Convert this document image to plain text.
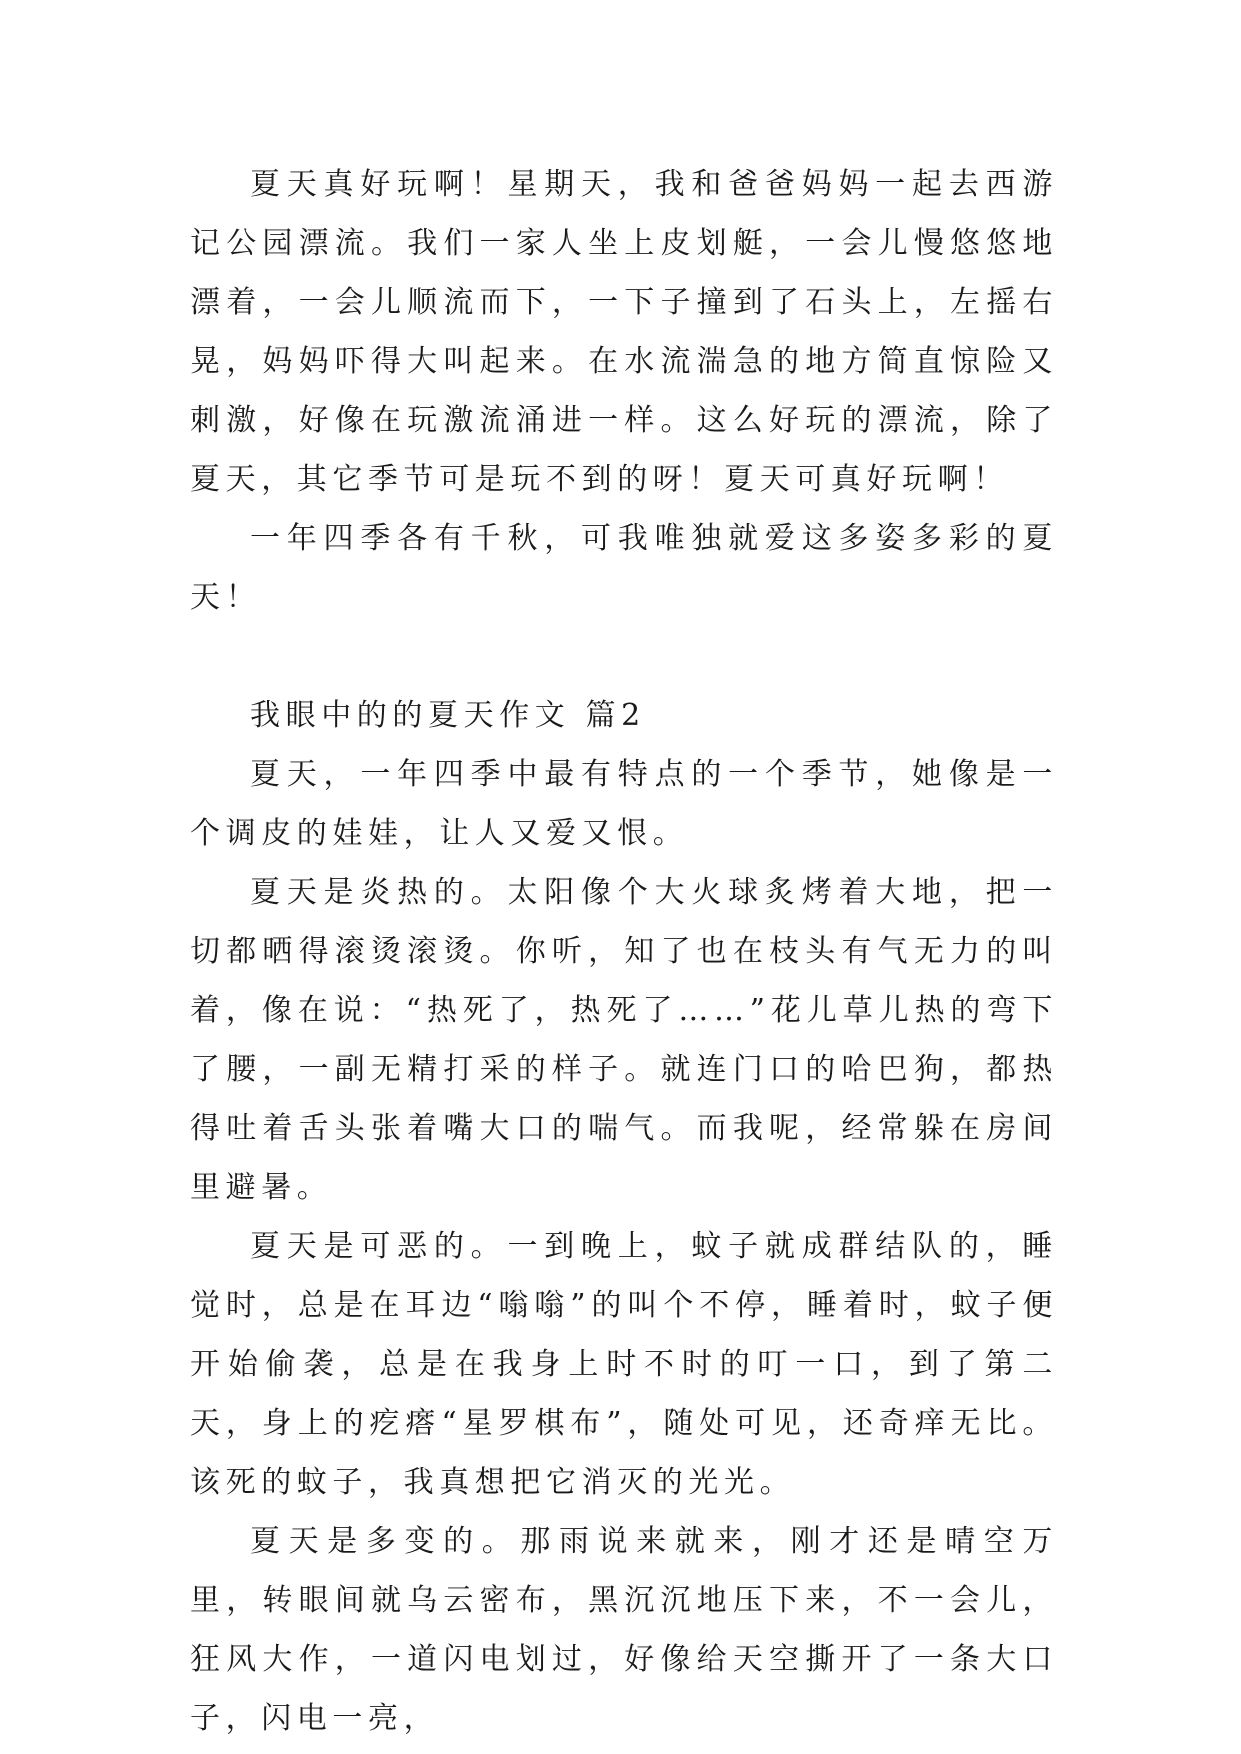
夏天真好玩啊！星期天，我和爸爸妈妈一起去西游记公园漂流。我们一家人坐上皮划艇，一会儿慢悠悠地漂着，一会儿顺流而下，一下子撞到了石头上，左摇右晃，妈妈吓得大叫起来。在水流湍急的地方简直惊险又刺激，好像在玩激流涌进一样。这么好玩的漂流，除了夏天，其它季节可是玩不到的呀！夏天可真好玩啊！

一年四季各有千秋，可我唯独就爱这多姿多彩的夏天！

我眼中的的夏天作文 篇2

夏天，一年四季中最有特点的一个季节，她像是一个调皮的娃娃，让人又爱又恨。

夏天是炎热的。太阳像个大火球炙烤着大地，把一切都晒得滚烫滚烫。你听，知了也在枝头有气无力的叫着，像在说：“热死了，热死了……”花儿草儿热的弯下了腰，一副无精打采的样子。就连门口的哈巴狗，都热得吐着舌头张着嘴大口的喘气。而我呢，经常躲在房间里避暑。

夏天是可恶的。一到晚上，蚊子就成群结队的，睡觉时，总是在耳边“嗡嗡”的叫个不停，睡着时，蚊子便开始偷袭，总是在我身上时不时的叮一口，到了第二天，身上的疙瘩“星罗棋布”，随处可见，还奇痒无比。该死的蚊子，我真想把它消灭的光光。

夏天是多变的。那雨说来就来，刚才还是晴空万里，转眼间就乌云密布，黑沉沉地压下来，不一会儿，狂风大作，一道闪电划过，好像给天空撕开了一条大口子，闪电一亮，
